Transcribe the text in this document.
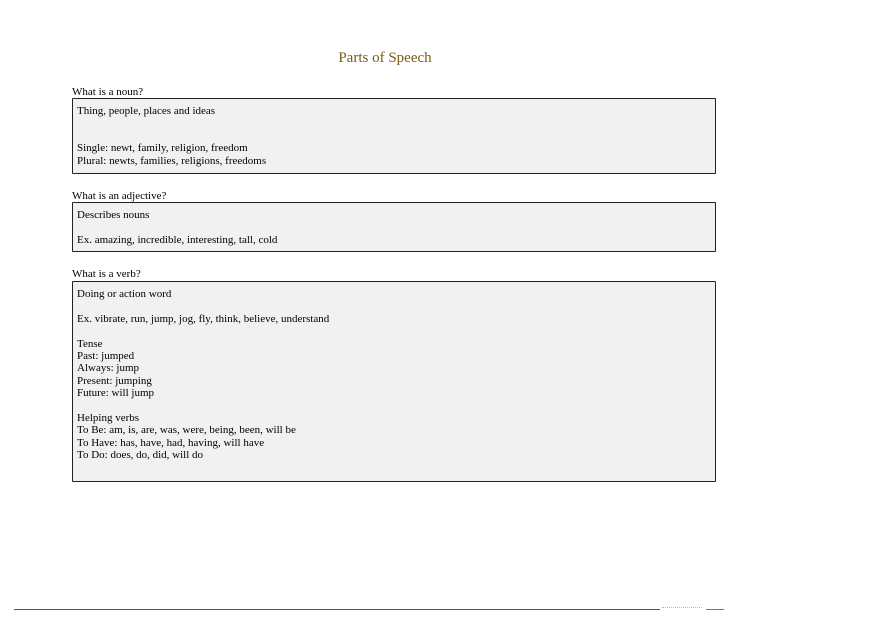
Parts of Speech
What is a noun?
Thing, people, places and ideas
Single: newt, family, religion, freedom
Plural: newts, families, religions, freedoms
What is an adjective?
Describes nouns
Ex. amazing, incredible, interesting, tall, cold
What is a verb?
Doing or action word
Ex. vibrate, run, jump, jog, fly, think, believe, understand
Tense
Past: jumped
Always: jump
Present: jumping
Future: will jump
Helping verbs
To Be: am, is, are, was, were, being, been, will be
To Have: has, have, had, having, will have
To Do: does, do, did, will do
